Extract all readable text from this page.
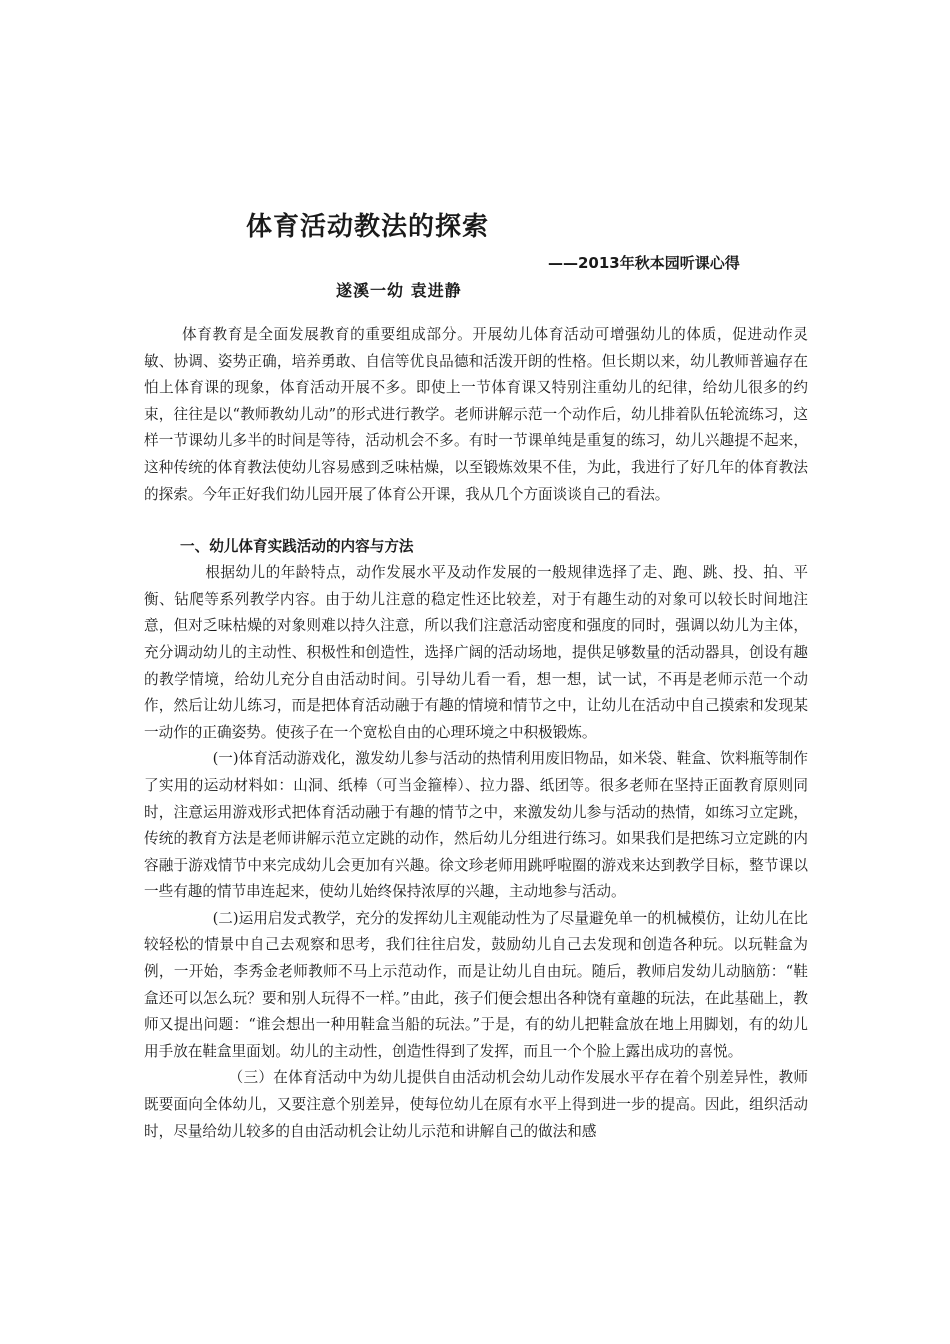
体育活动教法的探索
——2013年秋本园听课心得
遂溪一幼 袁进静

体育教育是全面发展教育的重要组成部分。开展幼儿体育活动可增强幼儿的体质，促进动作灵敏、协调、姿势正确，培养勇敢、自信等优良品德和活泼开朗的性格。但长期以来，幼儿教师普遍存在怕上体育课的现象，体育活动开展不多。即使上一节体育课又特别注重幼儿的纪律，给幼儿很多的约束，往往是以“教师教幼儿动”的形式进行教学。老师讲解示范一个动作后，幼儿排着队伍轮流练习，这样一节课幼儿多半的时间是等待，活动机会不多。有时一节课单纯是重复的练习，幼儿兴趣提不起来，这种传统的体育教法使幼儿容易感到乏味枯燥，以至锻炼效果不佳，为此，我进行了好几年的体育教法的探索。今年正好我们幼儿园开展了体育公开课，我从几个方面谈谈自己的看法。

一、幼儿体育实践活动的内容与方法

根据幼儿的年龄特点，动作发展水平及动作发展的一般规律选择了走、跑、跳、投、拍、平衡、钻爬等系列教学内容。由于幼儿注意的稳定性还比较差，对于有趣生动的对象可以较长时间地注意，但对乏味枯燥的对象则难以持久注意，所以我们注意活动密度和强度的同时，强调以幼儿为主体，充分调动幼儿的主动性、积极性和创造性，选择广阔的活动场地，提供足够数量的活动器具，创设有趣的教学情境，给幼儿充分自由活动时间。引导幼儿看一看，想一想，试一试，不再是老师示范一个动作，然后让幼儿练习，而是把体育活动融于有趣的情境和情节之中，让幼儿在活动中自己摸索和发现某一动作的正确姿势。使孩子在一个宽松自由的心理环境之中积极锻炼。

(一)体育活动游戏化，激发幼儿参与活动的热情利用废旧物品，如米袋、鞋盒、饮料瓶等制作了实用的运动材料如：山洞、纸棒（可当金箍棒）、拉力器、纸团等。很多老师在坚持正面教育原则同时，注意运用游戏形式把体育活动融于有趣的情节之中，来激发幼儿参与活动的热情，如练习立定跳，传统的教育方法是老师讲解示范立定跳的动作，然后幼儿分组进行练习。如果我们是把练习立定跳的内容融于游戏情节中来完成幼儿会更加有兴趣。徐文珍老师用跳呼啦圈的游戏来达到教学目标，整节课以一些有趣的情节串连起来，使幼儿始终保持浓厚的兴趣，主动地参与活动。

(二)运用启发式教学，充分的发挥幼儿主观能动性为了尽量避免单一的机械模仿，让幼儿在比较轻松的情景中自己去观察和思考，我们往往启发，鼓励幼儿自己去发现和创造各种玩。以玩鞋盒为例，一开始，李秀金老师教师不马上示范动作，而是让幼儿自由玩。随后，教师启发幼儿动脑筋：“鞋盒还可以怎么玩？要和别人玩得不一样。”由此，孩子们便会想出各种饶有童趣的玩法，在此基础上，教师又提出问题：“谁会想出一种用鞋盒当船的玩法。”于是，有的幼儿把鞋盒放在地上用脚划，有的幼儿用手放在鞋盒里面划。幼儿的主动性，创造性得到了发挥，而且一个个脸上露出成功的喜悦。

（三）在体育活动中为幼儿提供自由活动机会幼儿动作发展水平存在着个别差异性，教师既要面向全体幼儿，又要注意个别差异，使每位幼儿在原有水平上得到进一步的提高。因此，组织活动时，尽量给幼儿较多的自由活动机会让幼儿示范和讲解自己的做法和感
